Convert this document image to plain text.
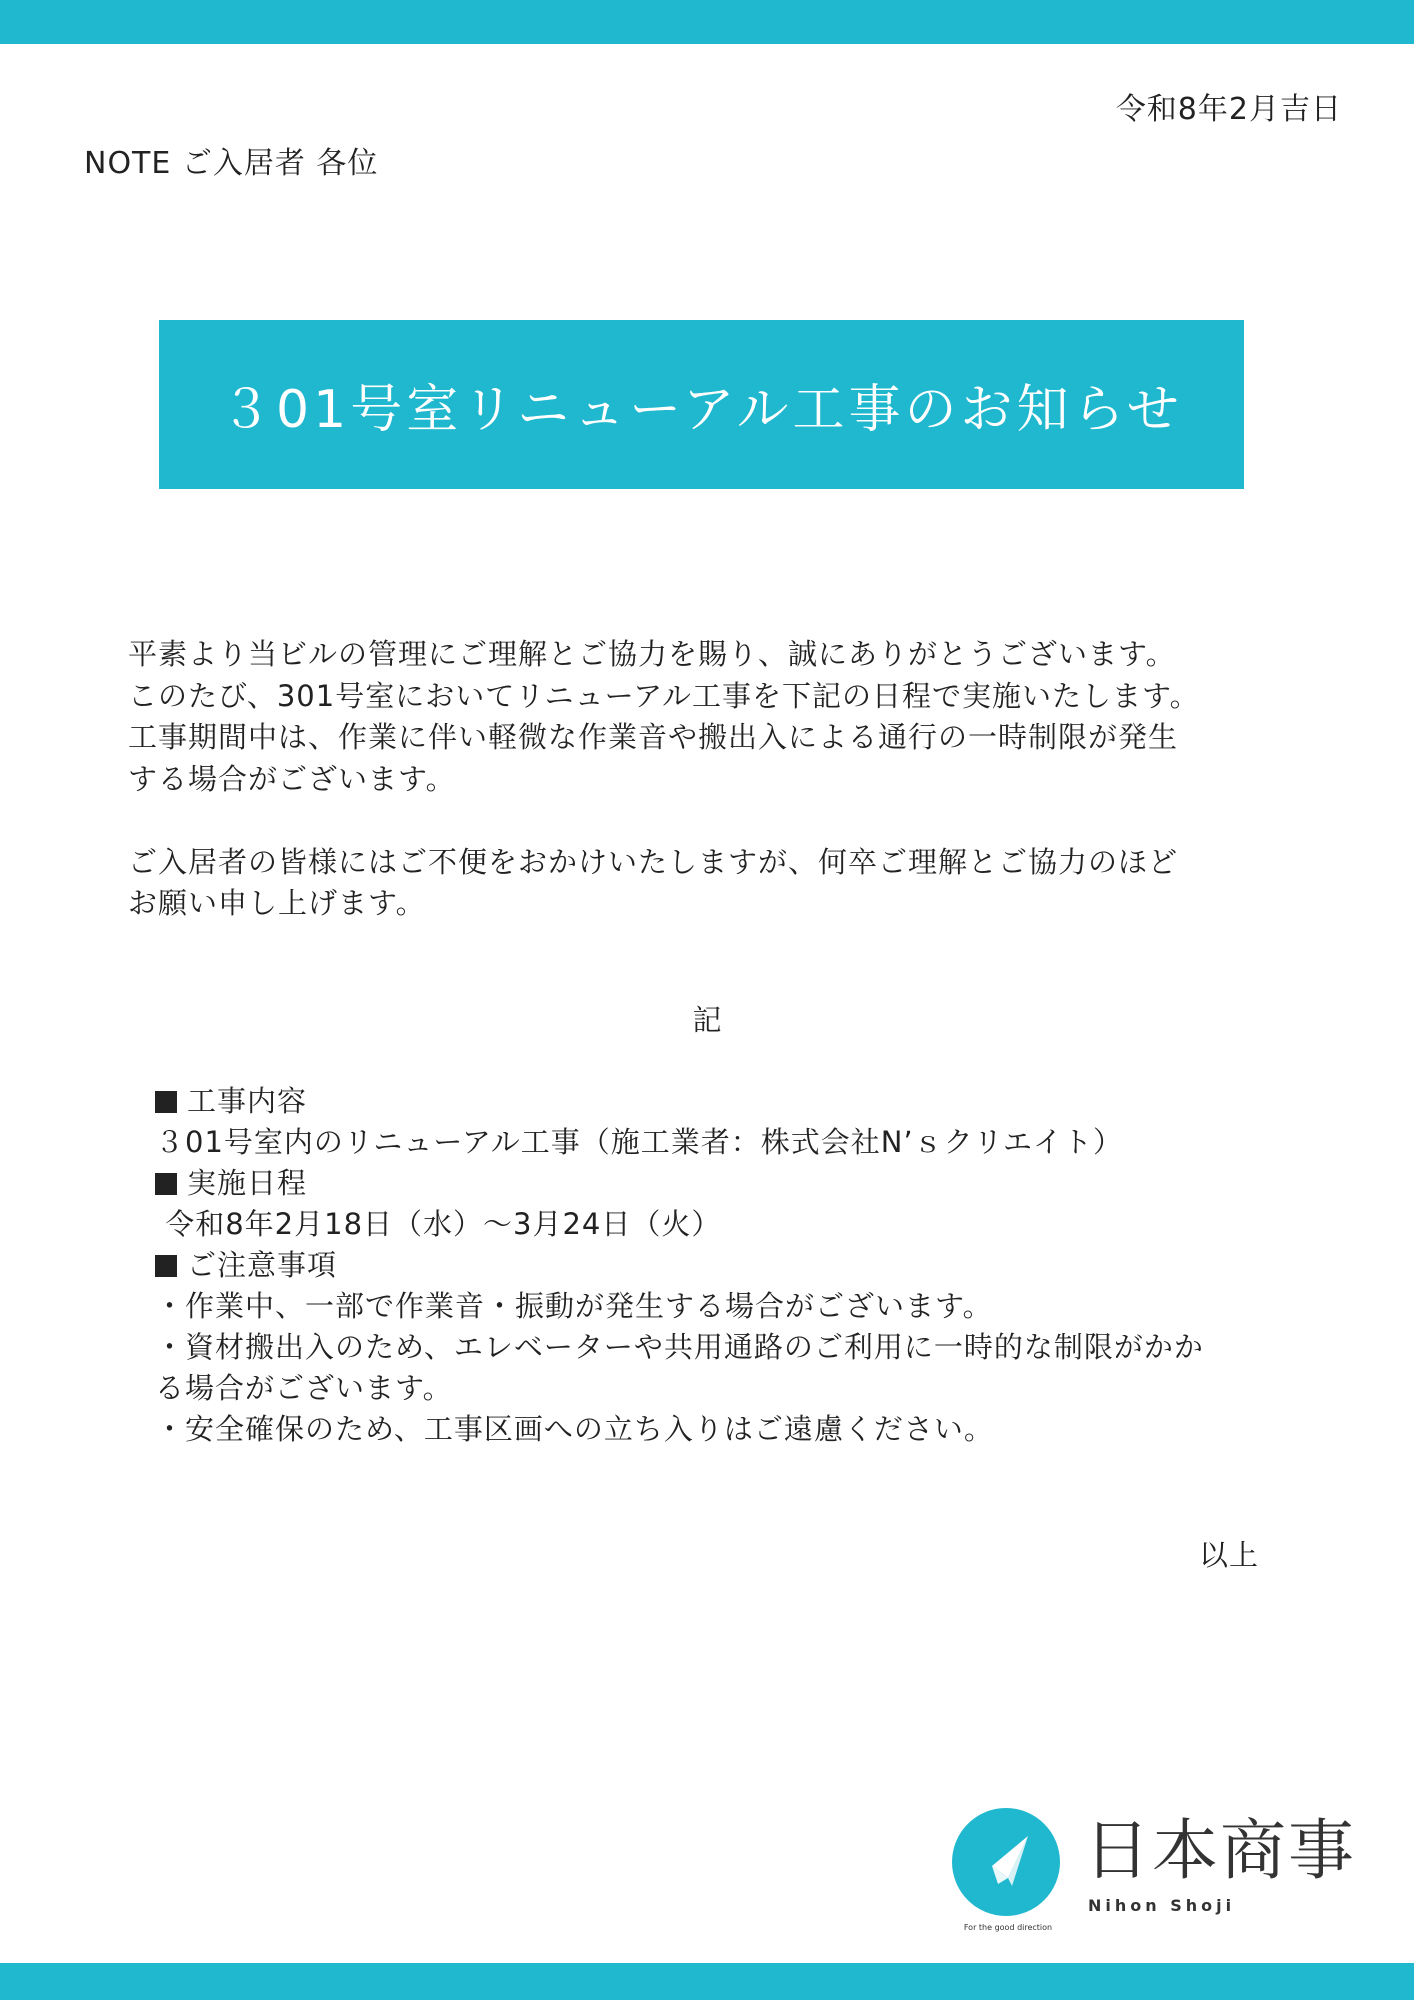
令和8年2月吉日
NOTE ご入居者 各位
３01号室リニューアル工事のお知らせ
平素より当ビルの管理にご理解とご協力を賜り、誠にありがとうございます。
このたび、301号室においてリニューアル工事を下記の日程で実施いたします。
工事期間中は、作業に伴い軽微な作業音や搬出入による通行の一時制限が発生
する場合がございます。

ご入居者の皆様にはご不便をおかけいたしますが、何卒ご理解とご協力のほど
お願い申し上げます。
記
工事内容
３01号室内のリニューアル工事（施工業者：株式会社N’ｓクリエイト）
実施日程
令和8年2月18日（水）～3月24日（火）
ご注意事項
・作業中、一部で作業音・振動が発生する場合がございます。
・資材搬出入のため、エレベーターや共用通路のご利用に一時的な制限がかか
る場合がございます。
・安全確保のため、工事区画への立ち入りはご遠慮ください。
以上
For the good direction
日本商事
Nihon Shoji
